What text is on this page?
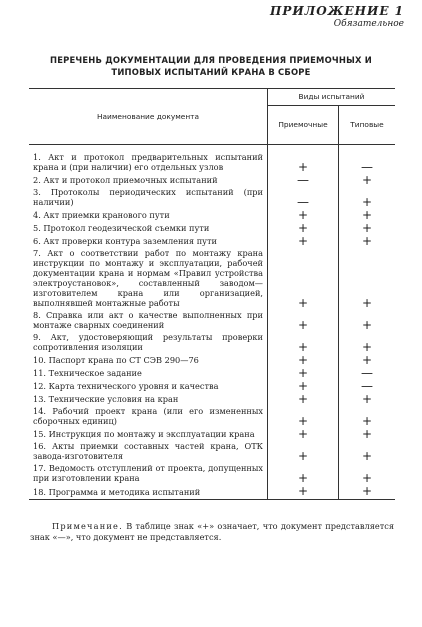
ПРИЛОЖЕНИЕ 1
Обязательное
ПЕРЕЧЕНЬ ДОКУМЕНТАЦИИ ДЛЯ ПРОВЕДЕНИЯ ПРИЕМОЧНЫХ И ТИПОВЫХ ИСПЫТАНИЙ КРАНА В СБОРЕ
Наименование документа	Виды испытаний	
	Приемочные	Типовые

1. Акт и протокол предварительных испытаний крана и (при наличии) его отдельных узлов	+	—
2. Акт и протокол приемочных испытаний	—	+
3. Протоколы периодических испытаний (при наличии)	—	+
4. Акт приемки кранового пути	+	+
5. Протокол геодезической съемки пути	+	+
6. Акт проверки контура заземления пути	+	+
7. Акт о соответствии работ по монтажу крана инструкции по монтажу и эксплуатации, рабочей документации крана и нормам «Правил устройства электроустановок», составленный заводом—изготовителем крана или организацией, выполнявшей монтажные работы	+	+
8. Справка или акт о качестве выполненных при монтаже сварных соединений	+	+
9. Акт, удостоверяющий результаты проверки сопротивления изоляции	+	+
10. Паспорт крана по СТ СЭВ 290—76	+	+
11. Техническое задание	+	—
12. Карта технического уровня и качества	+	—
13. Технические условия на кран	+	+
14. Рабочий проект крана (или его измененных сборочных единиц)	+	+
15. Инструкция по монтажу и эксплуатации крана	+	+
16. Акты приемки составных частей крана, ОТК завода-изготовителя	+	+
17. Ведомость отступлений от проекта, допущенных при изготовлении крана	+	+
18. Программа и методика испытаний	+	+
Примечание. В таблице знак «+» означает, что документ представляется знак «—», что документ не представляется.
